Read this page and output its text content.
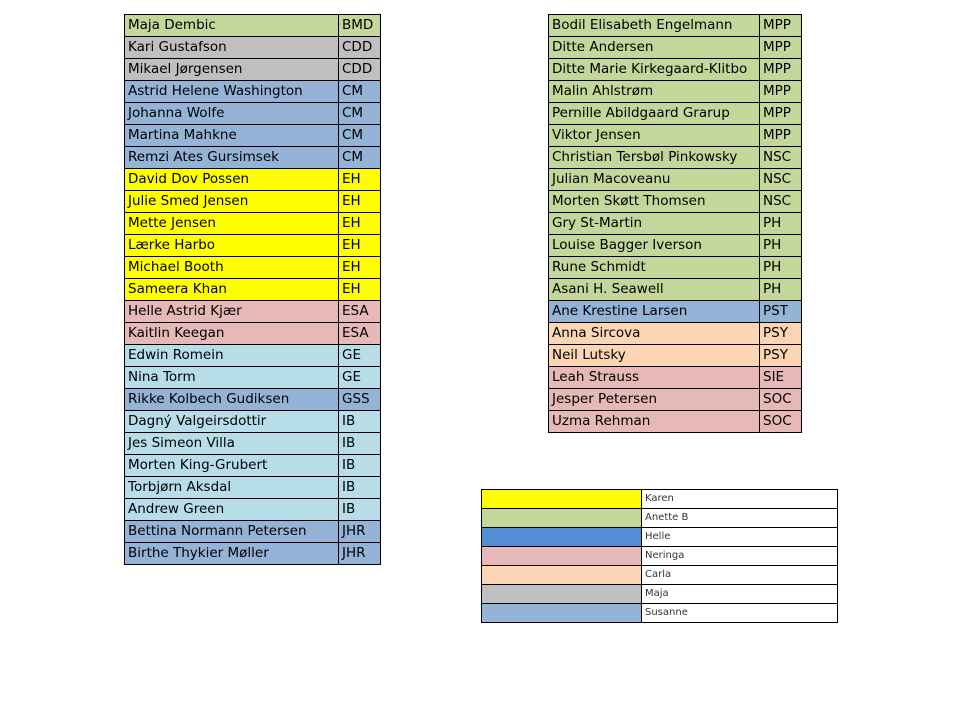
Maja Dembic	BMD
Kari Gustafson	CDD
Mikael Jørgensen	CDD
Astrid Helene Washington	CM
Johanna Wolfe	CM
Martina Mahkne	CM
Remzi Ates Gursimsek	CM
David Dov Possen	EH
Julie Smed Jensen	EH
Mette Jensen	EH
Lærke Harbo	EH
Michael Booth	EH
Sameera Khan	EH
Helle Astrid Kjær	ESA
Kaitlin Keegan	ESA
Edwin Romein	GE
Nina Torm	GE
Rikke Kolbech Gudiksen	GSS
Dagný Valgeirsdottir	IB
Jes Simeon Villa	IB
Morten King-Grubert	IB
Torbjørn Aksdal	IB
Andrew Green	IB
Bettina Normann Petersen	JHR
Birthe Thykier Møller	JHR
Bodil Elisabeth Engelmann	MPP
Ditte Andersen	MPP
Ditte Marie Kirkegaard-Klitbo	MPP
Malin Ahlstrøm	MPP
Pernille Abildgaard Grarup	MPP
Viktor Jensen	MPP
Christian Tersbøl Pinkowsky	NSC
Julian Macoveanu	NSC
Morten Skøtt Thomsen	NSC
Gry St-Martin	PH
Louise Bagger Iverson	PH
Rune Schmidt	PH
Asani H. Seawell	PH
Ane Krestine Larsen	PST
Anna Sircova	PSY
Neil Lutsky	PSY
Leah Strauss	SIE
Jesper Petersen	SOC
Uzma Rehman	SOC
	Karen
	Anette B
	Helle
	Neringa
	Carla
	Maja
	Susanne
